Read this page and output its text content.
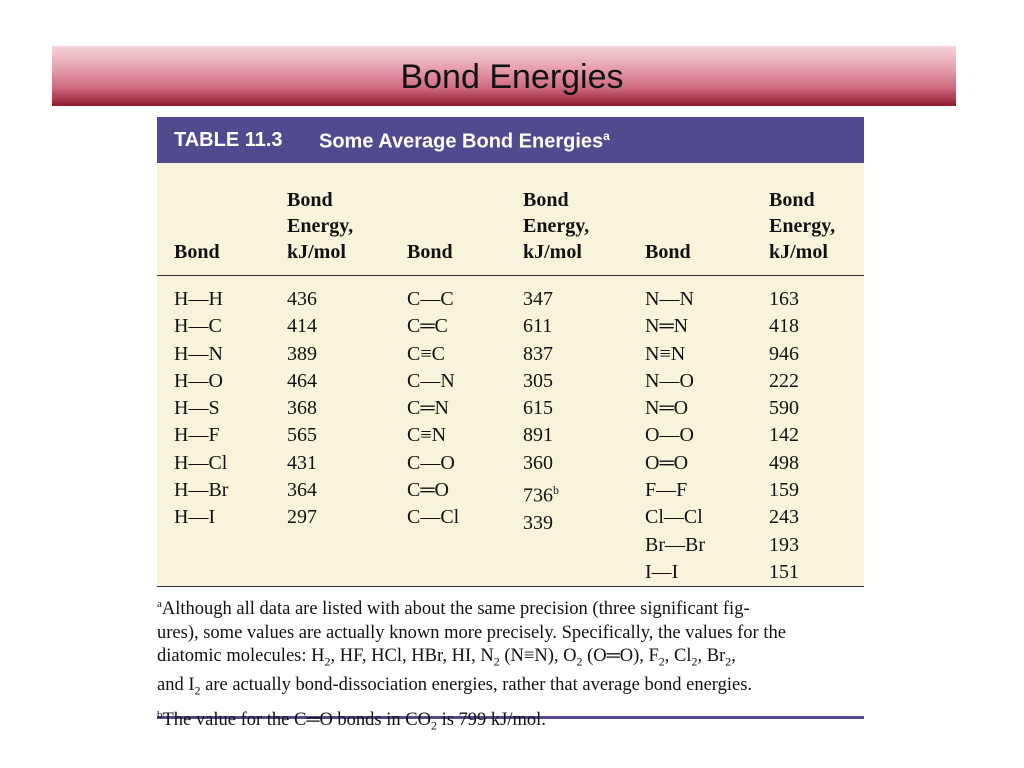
Bond Energies
TABLE 11.3 Some Average Bond Energies$^a$
Bond
Bond
Energy,
kJ/mol	Bond
Bond
Energy,
kJ/mol	Bond
Bond
Energy,
kJ/mol
H—H
H—C
H—N
H—O
H—S
H—F
H—Cl
H—Br
H—I
436
414
389
464
368
565
431
364
297
C—C
C═C
C≡C
C—N
C═N
C≡N
C—O
C═O
C—Cl
347
611
837
305
615
891
360
736$^b$
339
N—N
N═N
N≡N
N—O
N═O
O—O
O═O
F—F
Cl—Cl
Br—Br
I—I
163
418
946
222
590
142
498
159
243
193
151
$^a$Although all data are listed with about the same precision (three significant fig-
ures), some values are actually known more precisely. Specifically, the values for the
diatomic molecules: $H_2$, HF, HCl, HBr, HI, $N_2$ (N≡N), $O_2$ (O═O), $F_2$, $Cl_2$, $Br_2$,
and $I_2$ are actually bond-dissociation energies, rather that average bond energies.
$^b$The value for the C═O bonds in $CO_2$ is 799 kJ/mol.
